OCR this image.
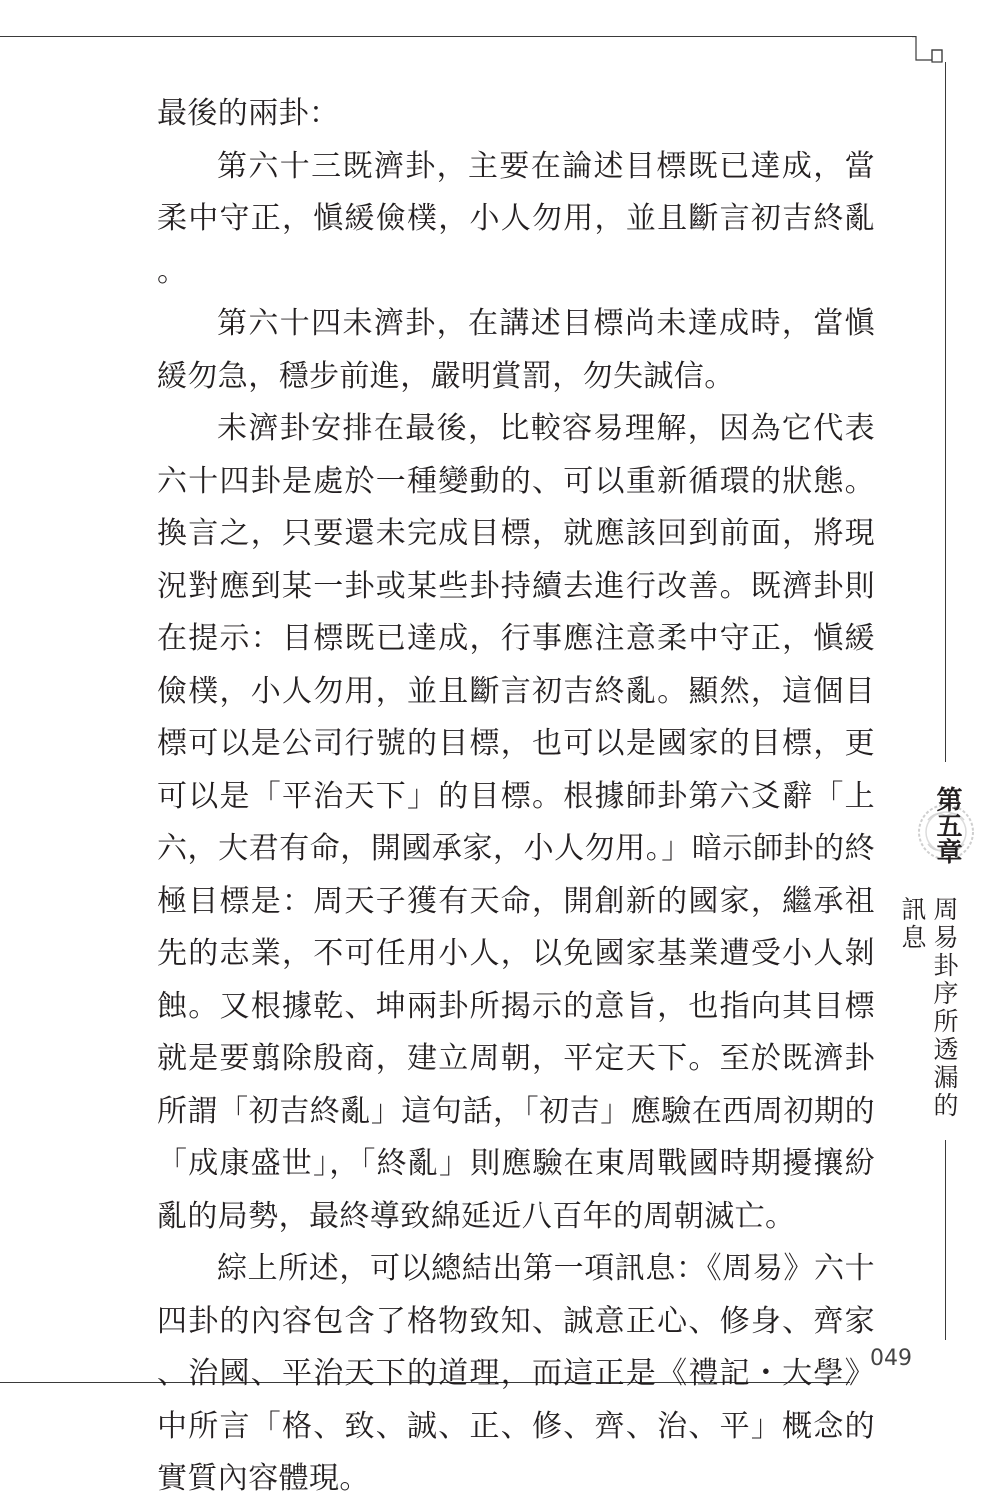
最後的兩卦：

第六十三既濟卦，主要在論述目標既已達成，當柔中守正，愼緩儉樸，小人勿用，並且斷言初吉終亂。

第六十四未濟卦，在講述目標尚未達成時，當愼緩勿急，穩步前進，嚴明賞罰，勿失誠信。

未濟卦安排在最後，比較容易理解，因為它代表六十四卦是處於一種變動的、可以重新循環的狀態。換言之，只要還未完成目標，就應該回到前面，將現況對應到某一卦或某些卦持續去進行改善。既濟卦則在提示：目標既已達成，行事應注意柔中守正，愼緩儉樸，小人勿用，並且斷言初吉終亂。顯然，這個目標可以是公司行號的目標，也可以是國家的目標，更可以是「平治天下」的目標。根據師卦第六爻辭「上六，大君有命，開國承家，小人勿用。」暗示師卦的終極目標是：周天子獲有天命，開創新的國家，繼承祖先的志業，不可任用小人，以免國家基業遭受小人剝蝕。又根據乾、坤兩卦所揭示的意旨，也指向其目標就是要翦除殷商，建立周朝，平定天下。至於既濟卦所謂「初吉終亂」這句話，「初吉」應驗在西周初期的「成康盛世」，「終亂」則應驗在東周戰國時期擾攘紛亂的局勢，最終導致綿延近八百年的周朝滅亡。

綜上所述，可以總結出第一項訊息：《周易》六十四卦的內容包含了格物致知、誠意正心、修身、齊家、治國、平治天下的道理，而這正是《禮記・大學》中所言「格、致、誠、正、修、齊、治、平」概念的實質內容體現。

第五章
周易卦序所透漏的訊息
049
